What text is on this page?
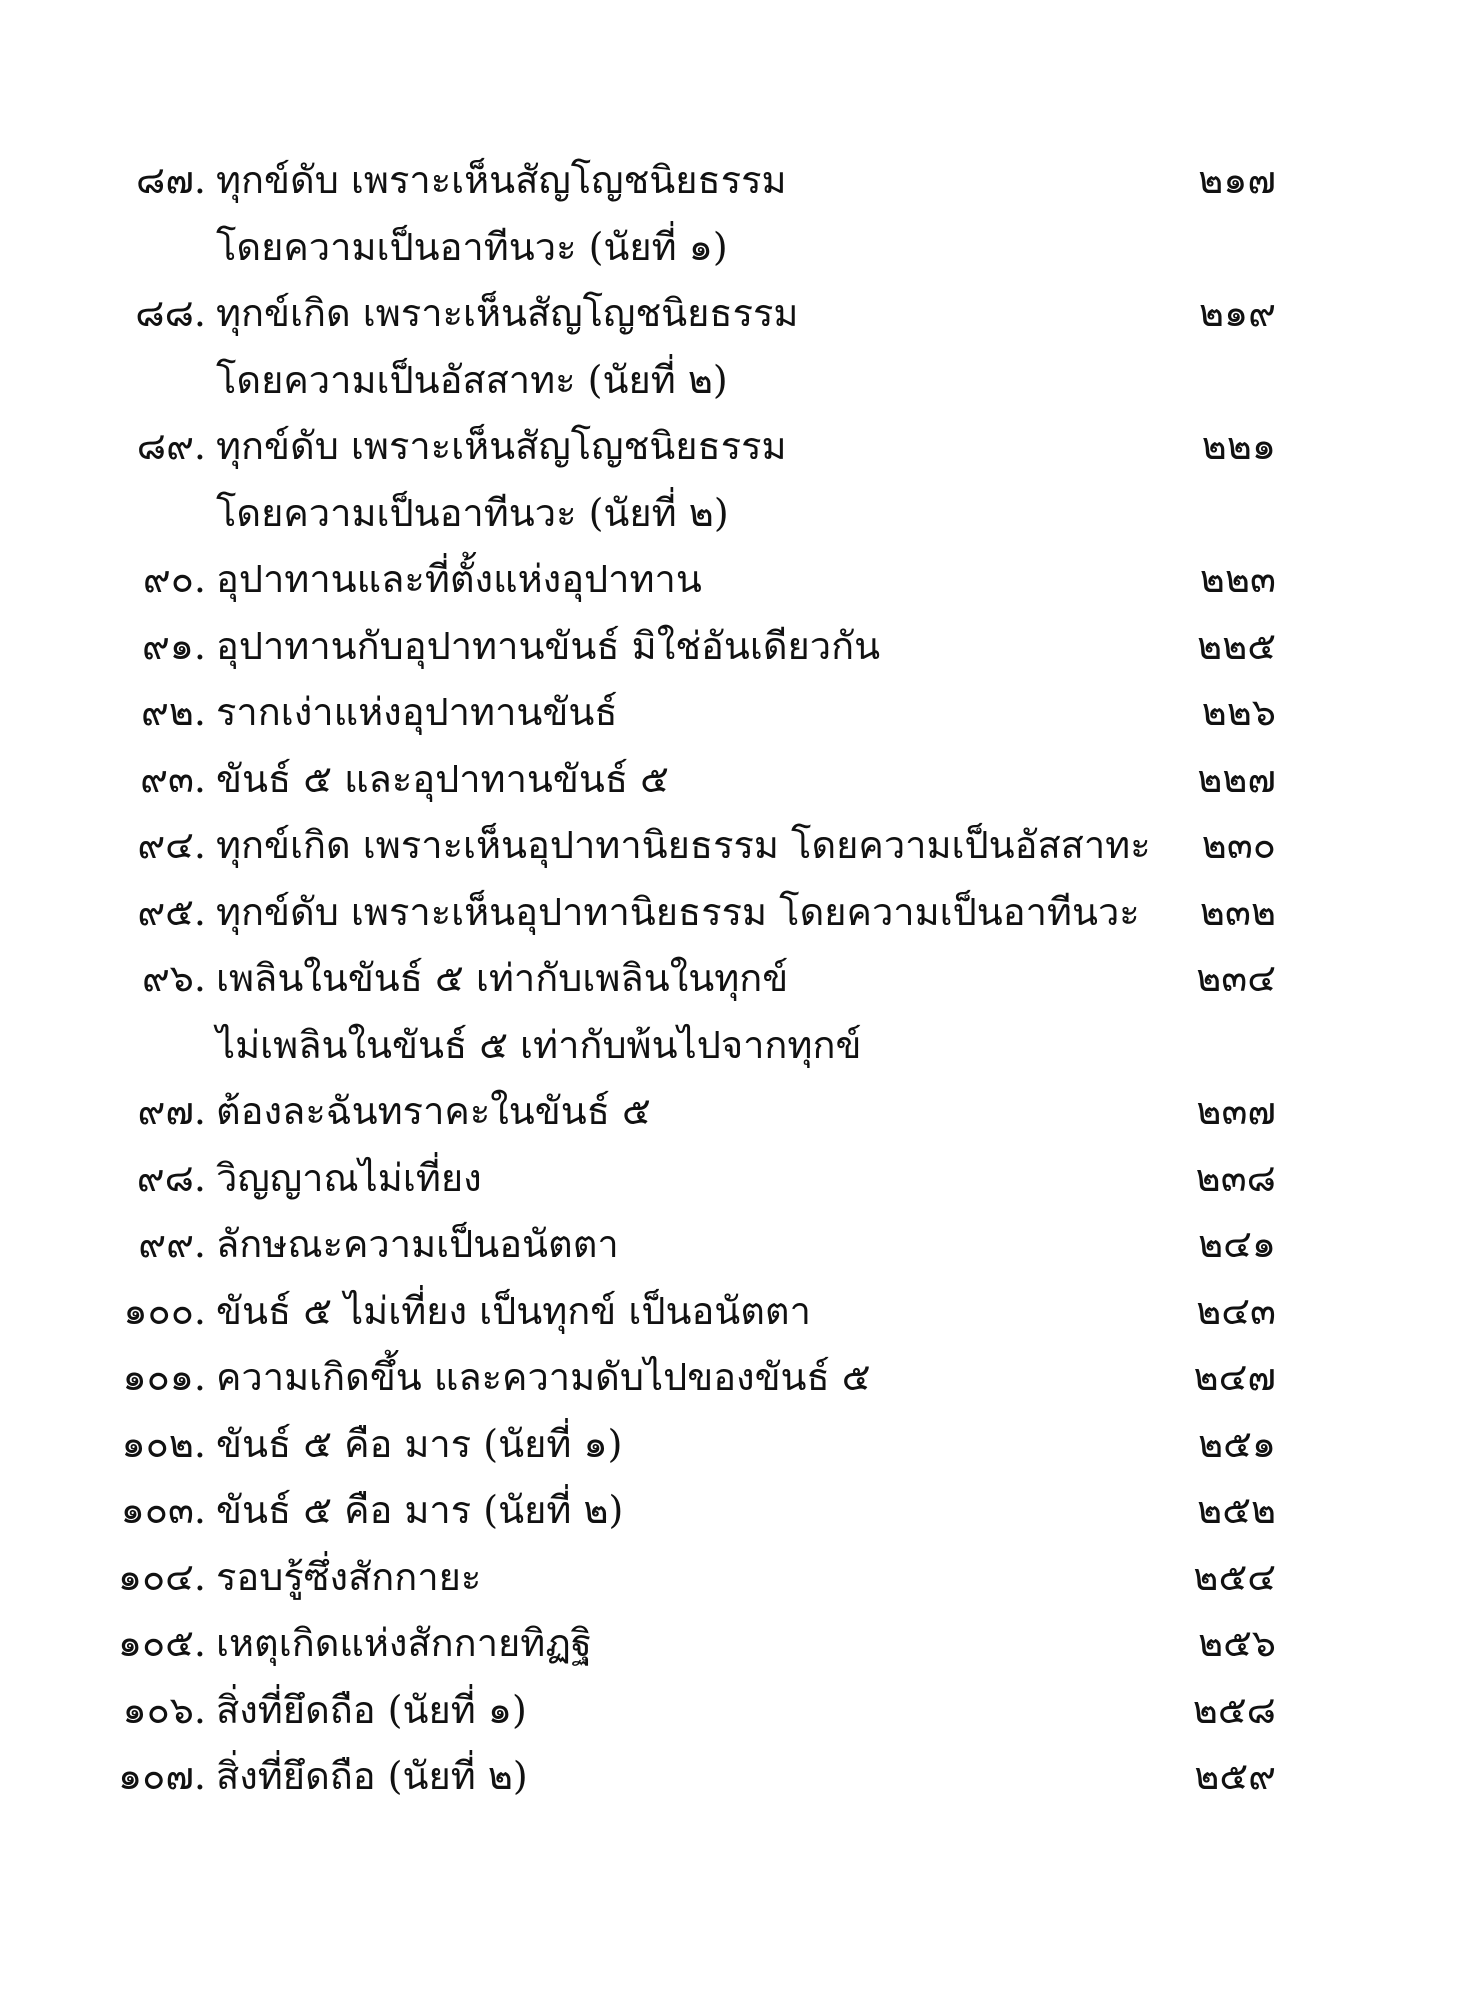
๘๗. ทุกข์ดับ เพราะเห็นสัญโญชนิยธรรม	๒๑๗
โดยความเป็นอาทีนวะ (นัยที่ ๑)
๘๘. ทุกข์เกิด เพราะเห็นสัญโญชนิยธรรม	๒๑๙
โดยความเป็นอัสสาทะ (นัยที่ ๒)
๘๙. ทุกข์ดับ เพราะเห็นสัญโญชนิยธรรม	๒๒๑
โดยความเป็นอาทีนวะ (นัยที่ ๒)
๙๐. อุปาทานและที่ตั้งแห่งอุปาทาน	๒๒๓
๙๑. อุปาทานกับอุปาทานขันธ์ มิใช่อันเดียวกัน	๒๒๕
๙๒. รากเง่าแห่งอุปาทานขันธ์	๒๒๖
๙๓. ขันธ์ ๕ และอุปาทานขันธ์ ๕	๒๒๗
๙๔. ทุกข์เกิด เพราะเห็นอุปาทานิยธรรม โดยความเป็นอัสสาทะ ๒๓๐
๙๕. ทุกข์ดับ เพราะเห็นอุปาทานิยธรรม โดยความเป็นอาทีนวะ ๒๓๒
๙๖. เพลินในขันธ์ ๕ เท่ากับเพลินในทุกข์	๒๓๔
ไม่เพลินในขันธ์ ๕ เท่ากับพ้นไปจากทุกข์
๙๗. ต้องละฉันทราคะในขันธ์ ๕	๒๓๗
๙๘. วิญญาณไม่เที่ยง	๒๓๘
๙๙. ลักษณะความเป็นอนัตตา	๒๔๑
๑๐๐. ขันธ์ ๕ ไม่เที่ยง เป็นทุกข์ เป็นอนัตตา	๒๔๓
๑๐๑. ความเกิดขึ้น และความดับไปของขันธ์ ๕	๒๔๗
๑๐๒. ขันธ์ ๕ คือ มาร (นัยที่ ๑)	๒๕๑
๑๐๓. ขันธ์ ๕ คือ มาร (นัยที่ ๒)	๒๕๒
๑๐๔. รอบรู้ซึ่งสักกายะ	๒๕๔
๑๐๕. เหตุเกิดแห่งสักกายทิฏฐิ	๒๕๖
๑๐๖. สิ่งที่ยึดถือ (นัยที่ ๑)	๒๕๘
๑๐๗. สิ่งที่ยึดถือ (นัยที่ ๒)	๒๕๙
